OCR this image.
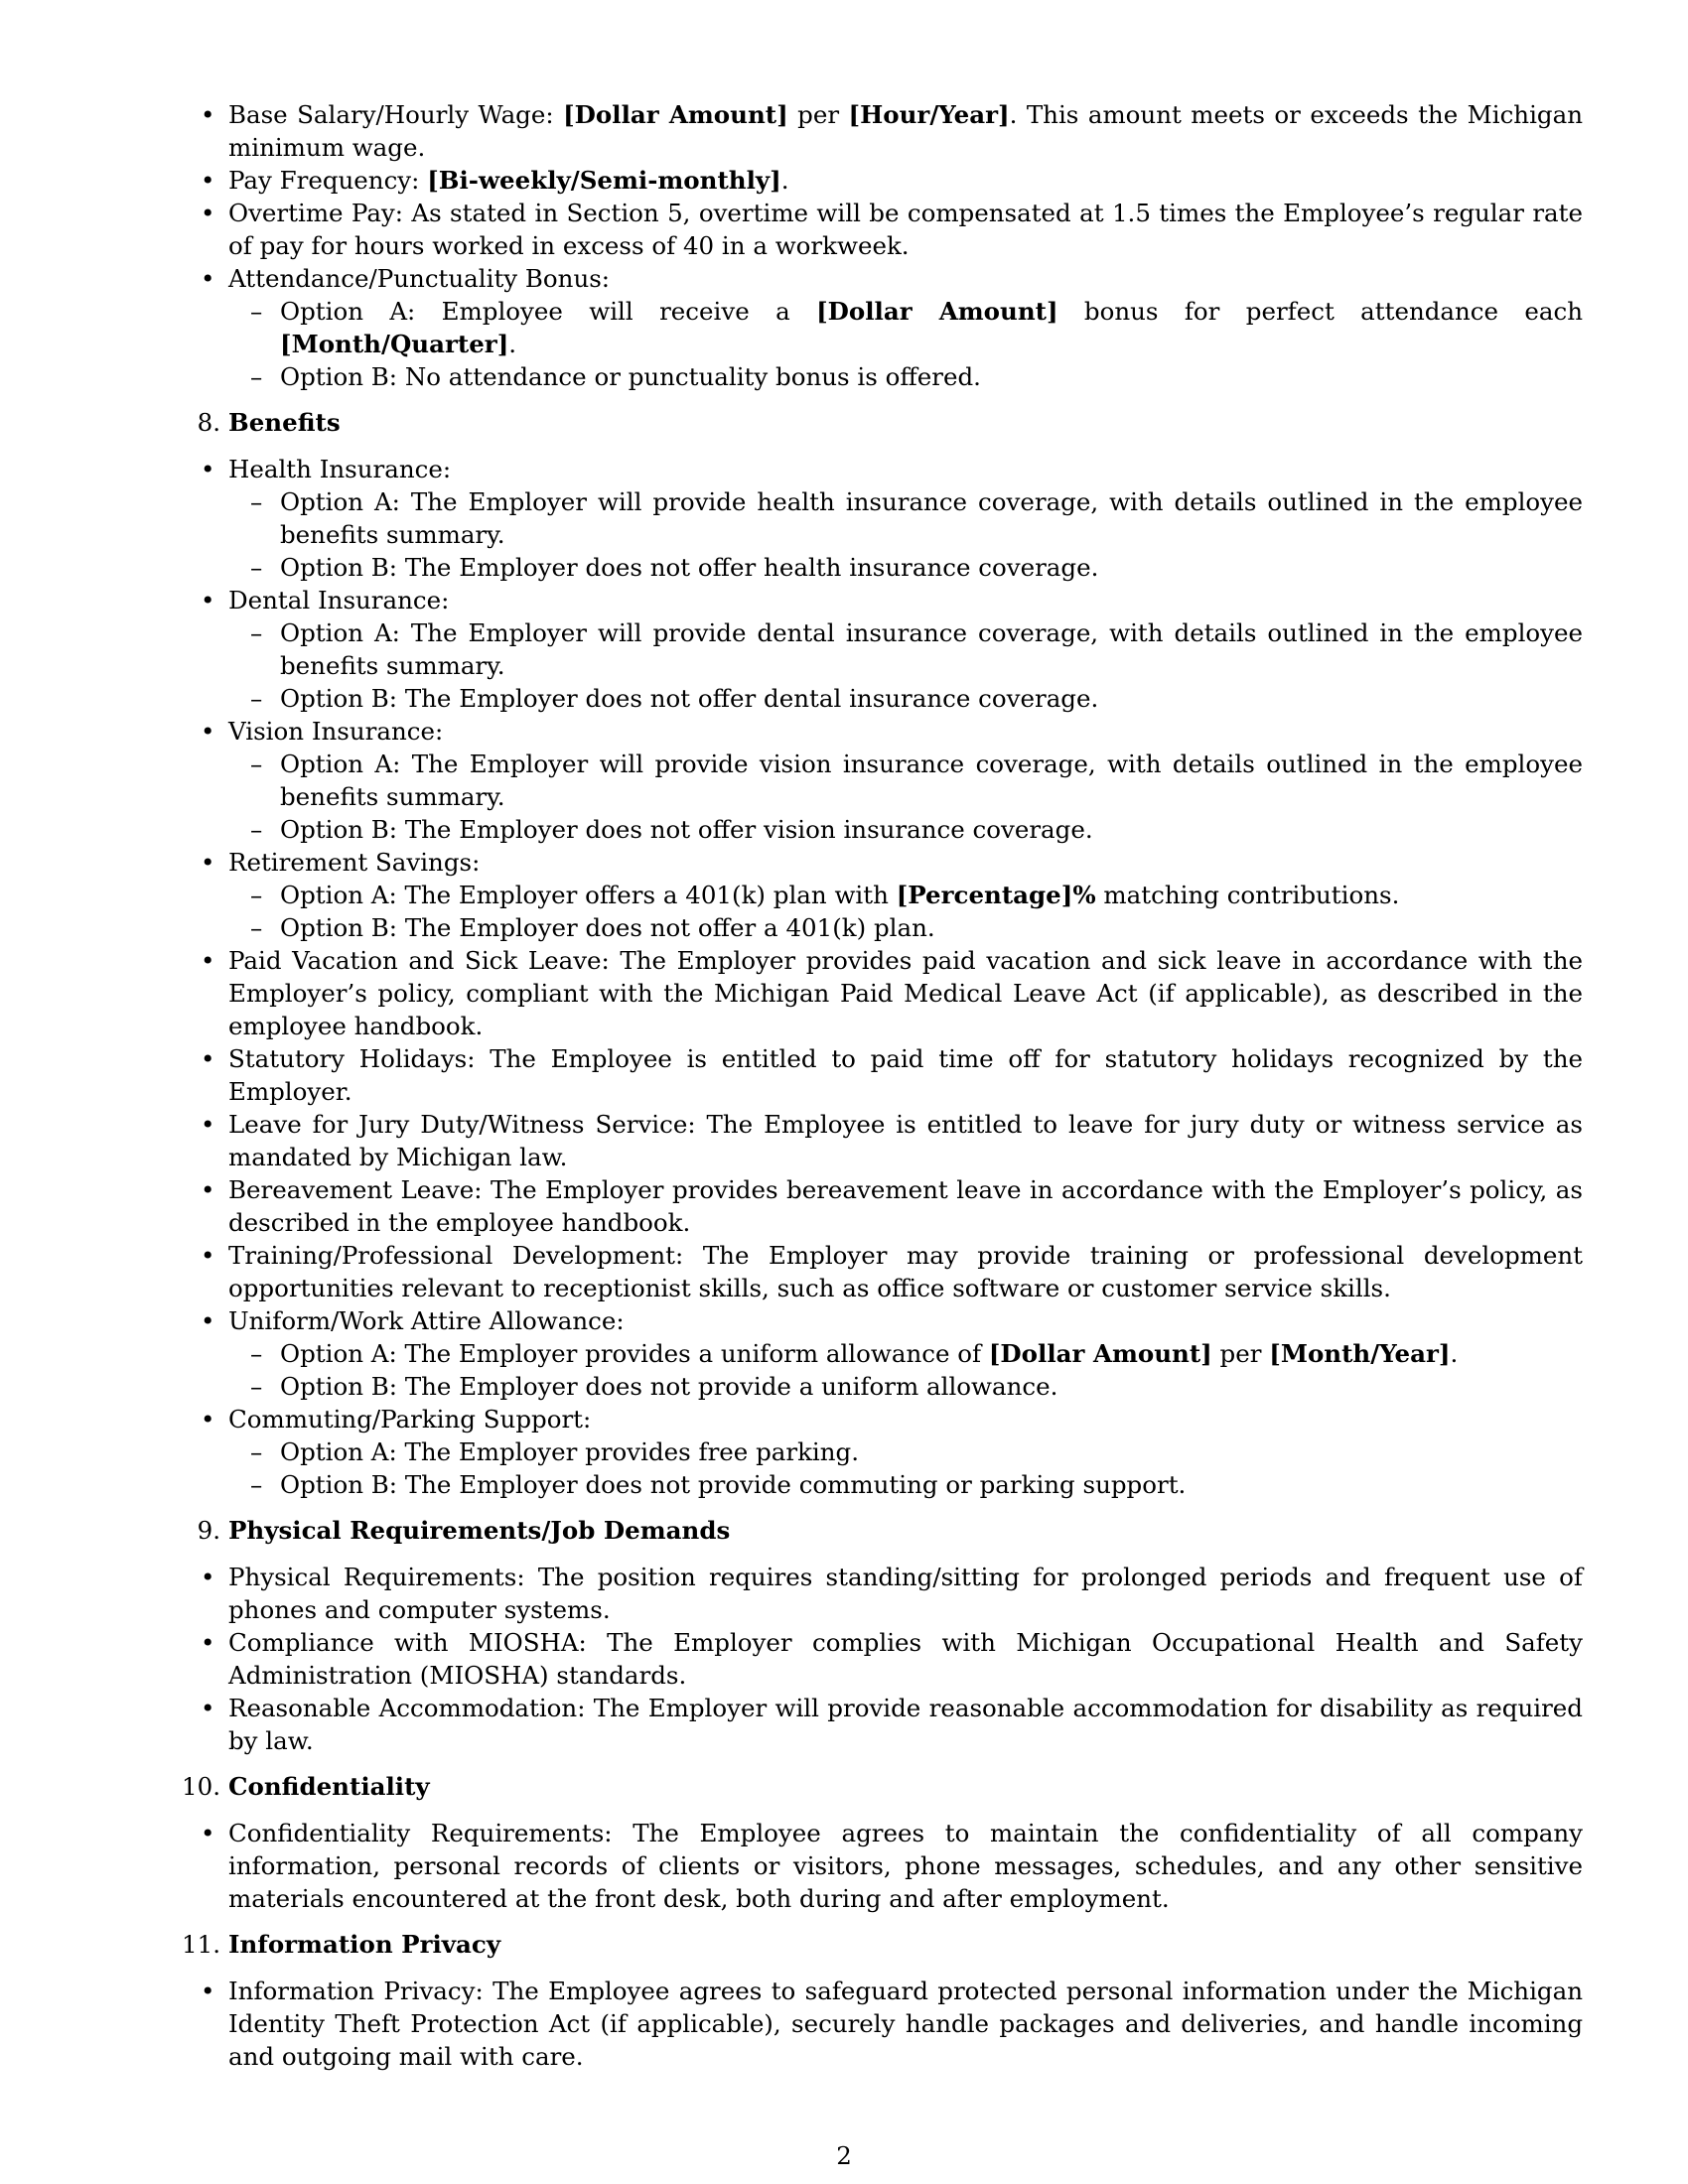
• Base Salary/Hourly Wage: [Dollar Amount] per [Hour/Year]. This amount meets or exceeds the Michigan minimum wage.
• Pay Frequency: [Bi-weekly/Semi-monthly].
• Overtime Pay: As stated in Section 5, overtime will be compensated at 1.5 times the Employee’s regular rate of pay for hours worked in excess of 40 in a workweek.
• Attendance/Punctuality Bonus:
– Option A: Employee will receive a [Dollar Amount] bonus for perfect attendance each [Month/Quarter].
– Option B: No attendance or punctuality bonus is offered.
8. Benefits
• Health Insurance:
– Option A: The Employer will provide health insurance coverage, with details outlined in the employee benefits summary.
– Option B: The Employer does not offer health insurance coverage.
• Dental Insurance:
– Option A: The Employer will provide dental insurance coverage, with details outlined in the employee benefits summary.
– Option B: The Employer does not offer dental insurance coverage.
• Vision Insurance:
– Option A: The Employer will provide vision insurance coverage, with details outlined in the employee benefits summary.
– Option B: The Employer does not offer vision insurance coverage.
• Retirement Savings:
– Option A: The Employer offers a 401(k) plan with [Percentage]% matching contributions.
– Option B: The Employer does not offer a 401(k) plan.
• Paid Vacation and Sick Leave: The Employer provides paid vacation and sick leave in accordance with the Employer’s policy, compliant with the Michigan Paid Medical Leave Act (if applicable), as described in the employee handbook.
• Statutory Holidays: The Employee is entitled to paid time off for statutory holidays recognized by the Employer.
• Leave for Jury Duty/Witness Service: The Employee is entitled to leave for jury duty or witness service as mandated by Michigan law.
• Bereavement Leave: The Employer provides bereavement leave in accordance with the Employer’s policy, as described in the employee handbook.
• Training/Professional Development: The Employer may provide training or professional development opportunities relevant to receptionist skills, such as office software or customer service skills.
• Uniform/Work Attire Allowance:
– Option A: The Employer provides a uniform allowance of [Dollar Amount] per [Month/Year].
– Option B: The Employer does not provide a uniform allowance.
• Commuting/Parking Support:
– Option A: The Employer provides free parking.
– Option B: The Employer does not provide commuting or parking support.
9. Physical Requirements/Job Demands
• Physical Requirements: The position requires standing/sitting for prolonged periods and frequent use of phones and computer systems.
• Compliance with MIOSHA: The Employer complies with Michigan Occupational Health and Safety Administration (MIOSHA) standards.
• Reasonable Accommodation: The Employer will provide reasonable accommodation for disability as required by law.
10. Confidentiality
• Confidentiality Requirements: The Employee agrees to maintain the confidentiality of all company information, personal records of clients or visitors, phone messages, schedules, and any other sensitive materials encountered at the front desk, both during and after employment.
11. Information Privacy
• Information Privacy: The Employee agrees to safeguard protected personal information under the Michigan Identity Theft Protection Act (if applicable), securely handle packages and deliveries, and handle incoming and outgoing mail with care.
2
